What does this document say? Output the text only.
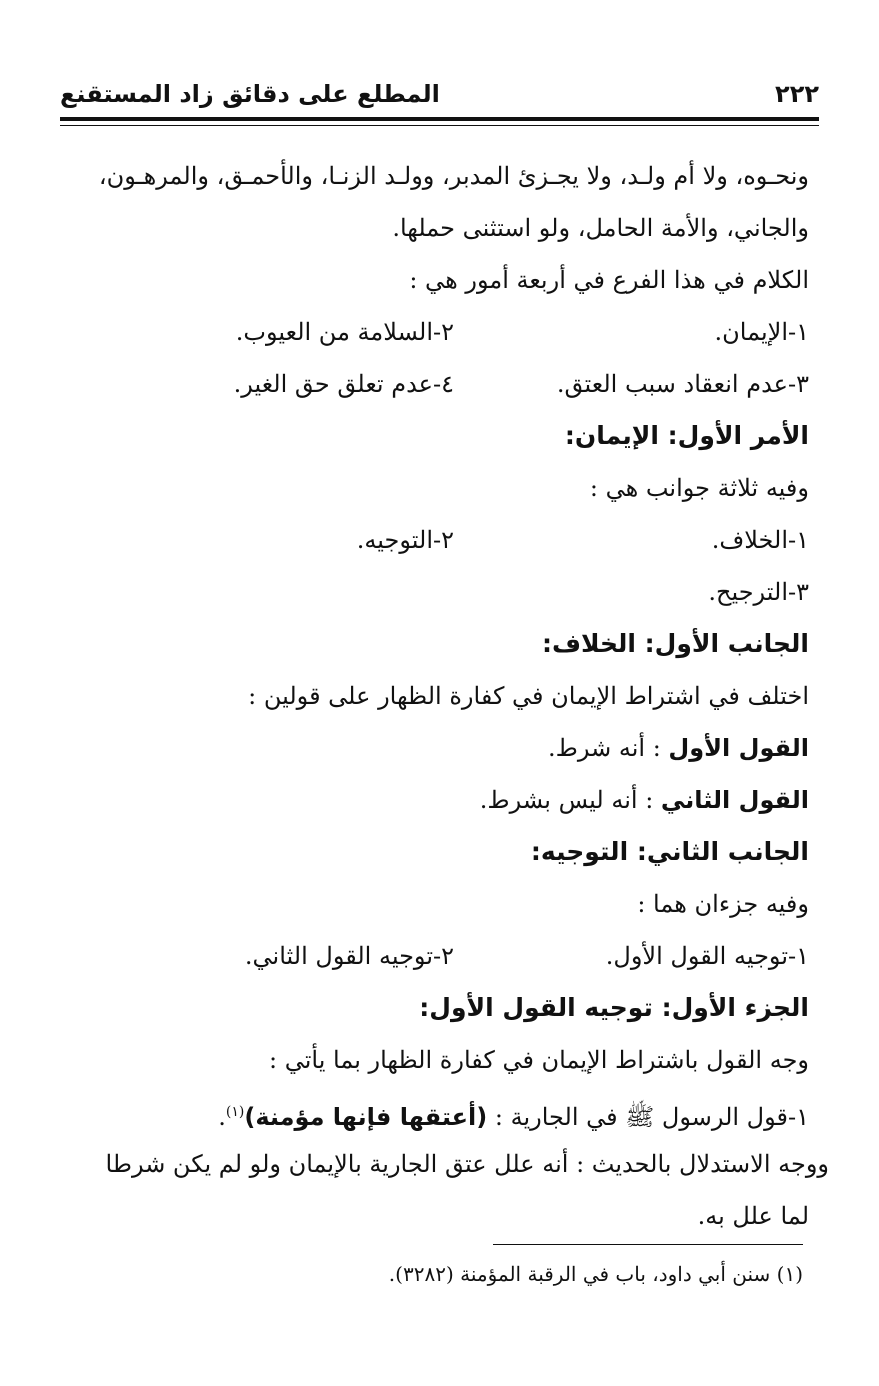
٢٢٢
المطلع على دقائق زاد المستقنع
ونحـوه، ولا أم ولـد، ولا يجـزئ المدبر، وولـد الزنـا، والأحمـق، والمرهـون،
والجاني، والأمة الحامل، ولو استثنى حملها.
الكلام في هذا الفرع في أربعة أمور هي :
١-الإيمان.
٢-السلامة من العيوب.
٣-عدم انعقاد سبب العتق.
٤-عدم تعلق حق الغير.
الأمر الأول: الإيمان:
وفيه ثلاثة جوانب هي :
١-الخلاف.
٢-التوجيه.
٣-الترجيح.
الجانب الأول: الخلاف:
اختلف في اشتراط الإيمان في كفارة الظهار على قولين :
القول الأول : أنه شرط.
القول الثاني : أنه ليس بشرط.
الجانب الثاني: التوجيه:
وفيه جزءان هما :
١-توجيه القول الأول.
٢-توجيه القول الثاني.
الجزء الأول: توجيه القول الأول:
وجه القول باشتراط الإيمان في كفارة الظهار بما يأتي :
١-قول الرسول ﷺ في الجارية : (أعتقها فإنها مؤمنة)$^{(١)}$.
ووجه الاستدلال بالحديث : أنه علل عتق الجارية بالإيمان ولو لم يكن شرطا
لما علل به.
(١) سنن أبي داود، باب في الرقبة المؤمنة (٣٢٨٢).
